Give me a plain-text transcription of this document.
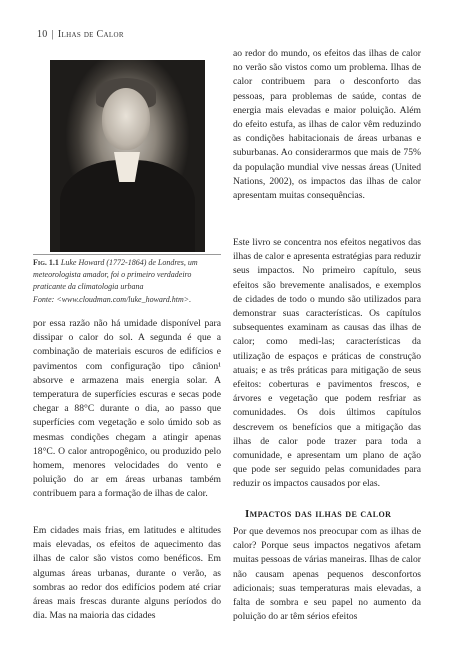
10 | Ilhas de Calor
Fig. 1.1 Luke Howard (1772-1864) de Londres, um meteorologista amador, foi o primeiro verdadeiro praticante da climatologia urbana
Fonte: <www.cloudman.com/luke_howard.htm>.
por essa razão não há umidade disponível para dissipar o calor do sol. A segunda é que a combinação de materiais escuros de edifícios e pavimentos com configuração tipo cânion¹ absorve e armazena mais energia solar. A temperatura de superfícies escuras e secas pode chegar a 88°C durante o dia, ao passo que superfícies com vegetação e solo úmido sob as mesmas condições chegam a atingir apenas 18°C. O calor antropogênico, ou produzido pelo homem, menores velocidades do vento e poluição do ar em áreas urbanas também contribuem para a formação de ilhas de calor.
Em cidades mais frias, em latitudes e altitudes mais elevadas, os efeitos de aquecimento das ilhas de calor são vistos como benéficos. Em algumas áreas urbanas, durante o verão, as sombras ao redor dos edifícios podem até criar áreas mais frescas durante alguns períodos do dia. Mas na maioria das cidades
ao redor do mundo, os efeitos das ilhas de calor no verão são vistos como um problema. Ilhas de calor contribuem para o desconforto das pessoas, para problemas de saúde, contas de energia mais elevadas e maior poluição. Além do efeito estufa, as ilhas de calor vêm reduzindo as condições habitacionais de áreas urbanas e suburbanas. Ao considerarmos que mais de 75% da população mundial vive nessas áreas (United Nations, 2002), os impactos das ilhas de calor apresentam muitas consequências.
Este livro se concentra nos efeitos negativos das ilhas de calor e apresenta estratégias para reduzir seus impactos. No primeiro capítulo, seus efeitos são brevemente analisados, e exemplos de cidades de todo o mundo são utilizados para demonstrar suas características. Os capítulos subsequentes examinam as causas das ilhas de calor; como medi-las; características da utilização de espaços e práticas de construção atuais; e as três práticas para mitigação de seus efeitos: coberturas e pavimentos frescos, e árvores e vegetação que podem resfriar as comunidades. Os dois últimos capítulos descrevem os benefícios que a mitigação das ilhas de calor pode trazer para toda a comunidade, e apresentam um plano de ação que pode ser seguido pelas comunidades para reduzir os impactos causados por elas.
Impactos das ilhas de calor
Por que devemos nos preocupar com as ilhas de calor? Porque seus impactos negativos afetam muitas pessoas de várias maneiras. Ilhas de calor não causam apenas pequenos desconfortos adicionais; suas temperaturas mais elevadas, a falta de sombra e seu papel no aumento da poluição do ar têm sérios efeitos
